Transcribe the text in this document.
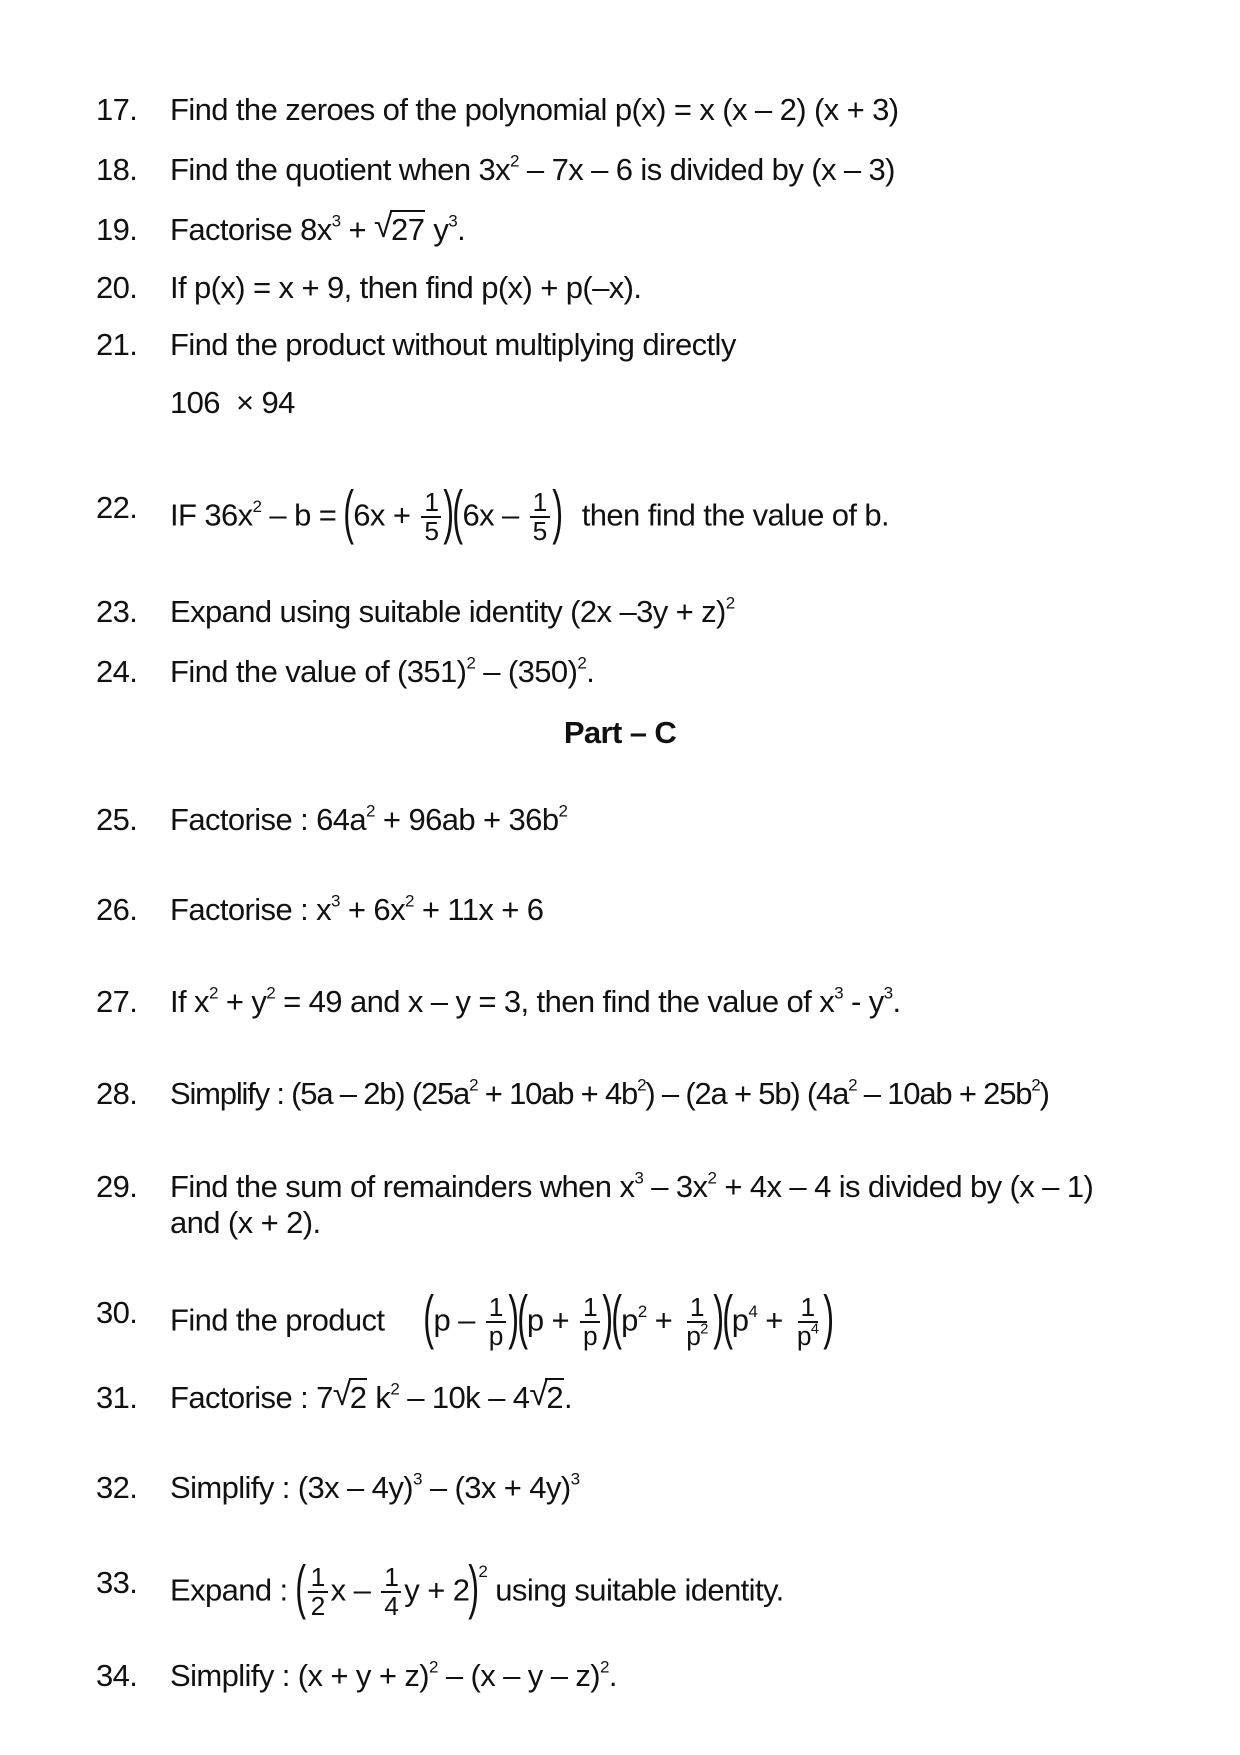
17. Find the zeroes of the polynomial p(x) = x (x – 2) (x + 3)
18. Find the quotient when $3x^2 - 7x - 6$ is divided by (x – 3)
19. Factorise $8x^3$ + √
27 $y^3$.
20. If p(x) = x + 9, then find p(x) + p(–x).
21. Find the product without multiplying directly
106  × 94
22. IF $36x^2 - b = (6x + \frac{1}{5} )(6x - \frac{1}{5}$ ) then find the value of b.
23. Expand using suitable identity (2x –3y + z)$^2$
24. Find the value of $(351)^2 - (350)^2$.
Part – C
25. Factorise : $64a^2 + 96ab + 36b^2$
26. Factorise : $x^3 + 6x^2 + 11x + 6$
27. If $x^2 + y^2 = 49$ and x – y = 3, then find the value of $x^3 - y^3$.
28. Simplify : (5a – 2b) $(25a^2 + 10ab + 4b^2) - (2a + 5b)$ $(4a^2 - 10ab + 25b^2)$
29. Find the sum of remainders when $x^3 - 3x^2 + 4x - 4$ is divided by (x – 1)
and (x + 2).
30. Find the product $(p - \frac{1}{p} )(p + \frac{1}{p} )(p^2 + \frac{1}{p^2} )(p^4 + \frac{1}{p^4}$ )
31. Factorise : 7 √
2 $k^2 - 10k - 4$ √
2.
32. Simplify : $(3x - 4y)^3 - (3x + 4y)^3$
33. Expand : ( $\frac{1}{2}$ x – $\frac{1}{4}$ y + 2)$^2$ using suitable identity.
34. Simplify : $(x + y + z)^2 - (x - y - z)^2$.
